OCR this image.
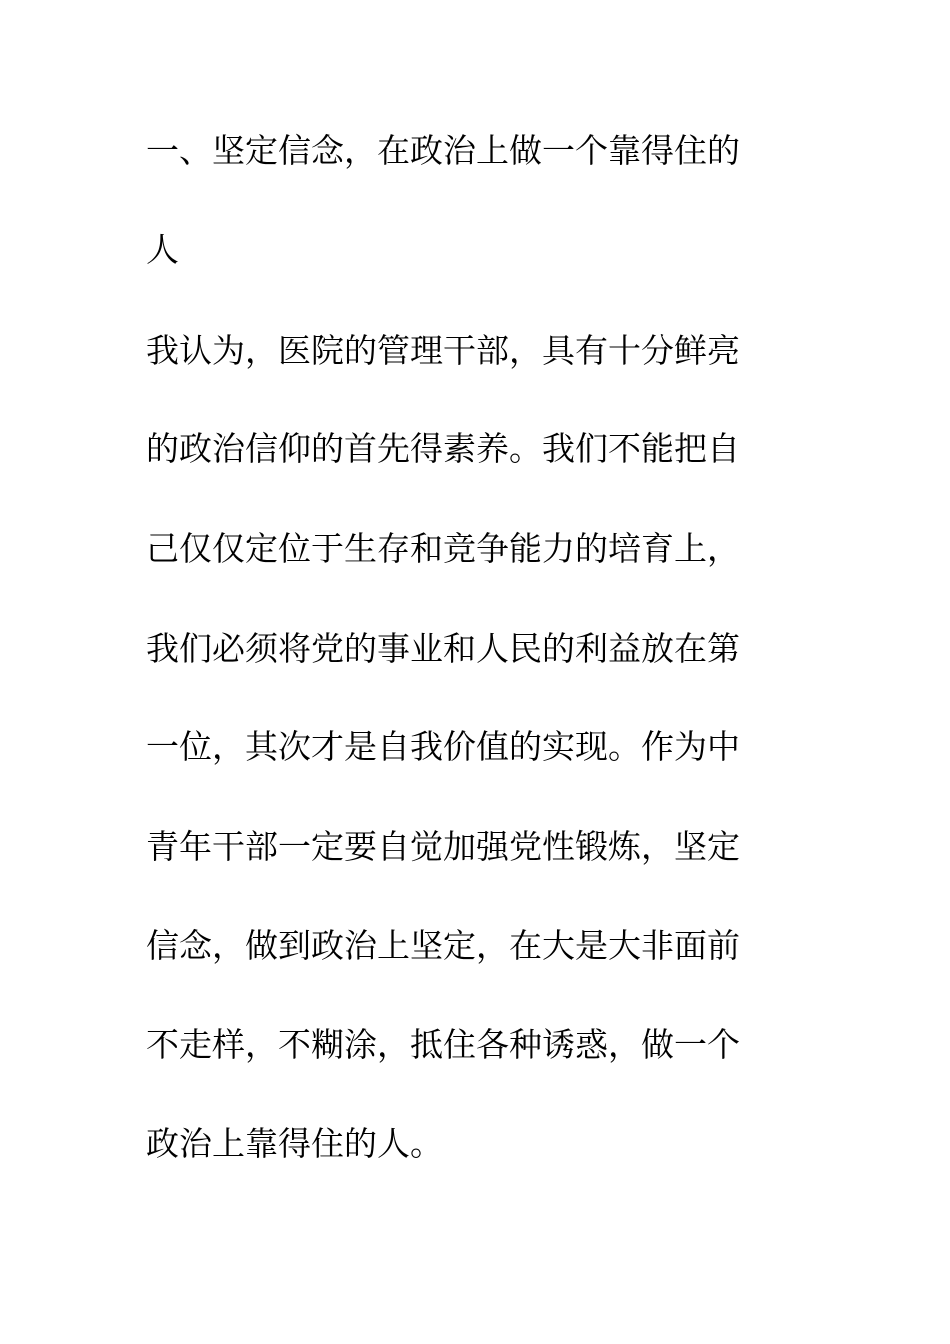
一、坚定信念，在政治上做一个靠得住的
人
我认为，医院的管理干部，具有十分鲜亮
的政治信仰的首先得素养。我们不能把自
己仅仅定位于生存和竞争能力的培育上，
我们必须将党的事业和人民的利益放在第
一位，其次才是自我价值的实现。作为中
青年干部一定要自觉加强党性锻炼，坚定
信念，做到政治上坚定，在大是大非面前
不走样，不糊涂，抵住各种诱惑，做一个
政治上靠得住的人。
